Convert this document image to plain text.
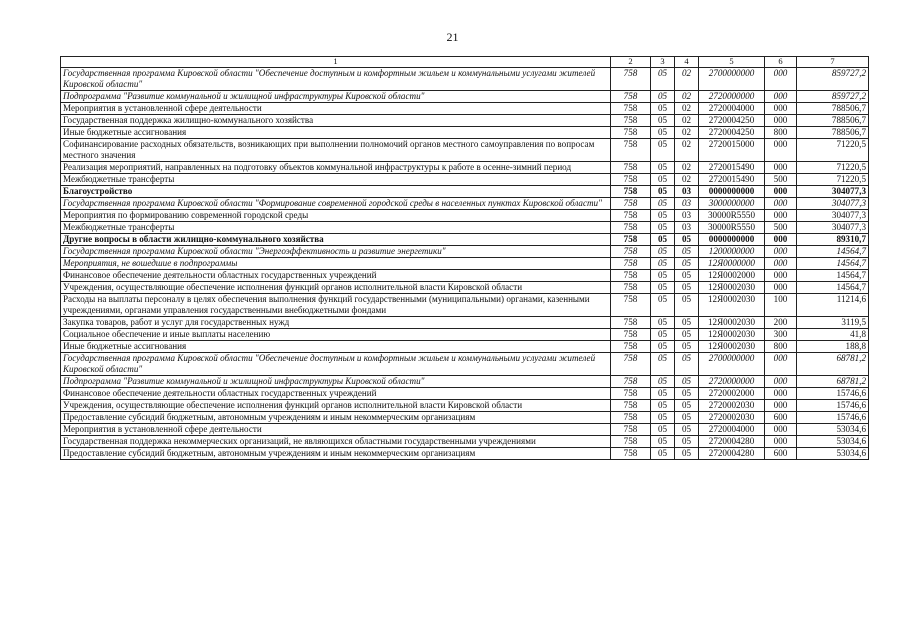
21
1	2	3	4	5	6	7
Государственная программа Кировской области "Обеспечение доступным и комфортным жильем и коммунальными услугами жителей Кировской области"	758	05	02	2700000000	000	859727,2
Подпрограмма "Развитие коммунальной и жилищной инфраструктуры Кировской области"	758	05	02	2720000000	000	859727,2
Мероприятия в установленной сфере деятельности	758	05	02	2720004000	000	788506,7
Государственная поддержка жилищно-коммунального хозяйства	758	05	02	2720004250	000	788506,7
Иные бюджетные ассигнования	758	05	02	2720004250	800	788506,7
Софинансирование расходных обязательств, возникающих при выполнении полномочий органов местного самоуправления по вопросам местного значения	758	05	02	2720015000	000	71220,5
Реализация мероприятий, направленных на подготовку объектов коммунальной инфраструктуры к работе в осенне-зимний период	758	05	02	2720015490	000	71220,5
Межбюджетные трансферты	758	05	02	2720015490	500	71220,5
Благоустройство	758	05	03	0000000000	000	304077,3
Государственная программа Кировской области "Формирование современной городской среды в населенных пунктах Кировской области"	758	05	03	3000000000	000	304077,3
Мероприятия по формированию современной городской среды	758	05	03	30000R5550	000	304077,3
Межбюджетные трансферты	758	05	03	30000R5550	500	304077,3
Другие вопросы в области жилищно-коммунального хозяйства	758	05	05	0000000000	000	89310,7
Государственная программа Кировской области "Энергоэффективность и развитие энергетики"	758	05	05	1200000000	000	14564,7
Мероприятия, не вошедшие в подпрограммы	758	05	05	12Я0000000	000	14564,7
Финансовое обеспечение деятельности областных государственных учреждений	758	05	05	12Я0002000	000	14564,7
Учреждения, осуществляющие обеспечение исполнения функций органов исполнительной власти Кировской области	758	05	05	12Я0002030	000	14564,7
Расходы на выплаты персоналу в целях обеспечения выполнения функций государственными (муниципальными) органами, казенными учреждениями, органами управления государственными внебюджетными фондами	758	05	05	12Я0002030	100	11214,6
Закупка товаров, работ и услуг для государственных нужд	758	05	05	12Я0002030	200	3119,5
Социальное обеспечение и иные выплаты населению	758	05	05	12Я0002030	300	41,8
Иные бюджетные ассигнования	758	05	05	12Я0002030	800	188,8
Государственная программа Кировской области "Обеспечение доступным и комфортным жильем и коммунальными услугами жителей Кировской области"	758	05	05	2700000000	000	68781,2
Подпрограмма "Развитие коммунальной и жилищной инфраструктуры Кировской области"	758	05	05	2720000000	000	68781,2
Финансовое обеспечение деятельности областных государственных учреждений	758	05	05	2720002000	000	15746,6
Учреждения, осуществляющие обеспечение исполнения функций органов исполнительной власти Кировской области	758	05	05	2720002030	000	15746,6
Предоставление субсидий бюджетным, автономным учреждениям и иным некоммерческим организациям	758	05	05	2720002030	600	15746,6
Мероприятия в установленной сфере деятельности	758	05	05	2720004000	000	53034,6
Государственная поддержка некоммерческих организаций, не являющихся областными государственными учреждениями	758	05	05	2720004280	000	53034,6
Предоставление субсидий бюджетным, автономным учреждениям и иным некоммерческим организациям	758	05	05	2720004280	600	53034,6
